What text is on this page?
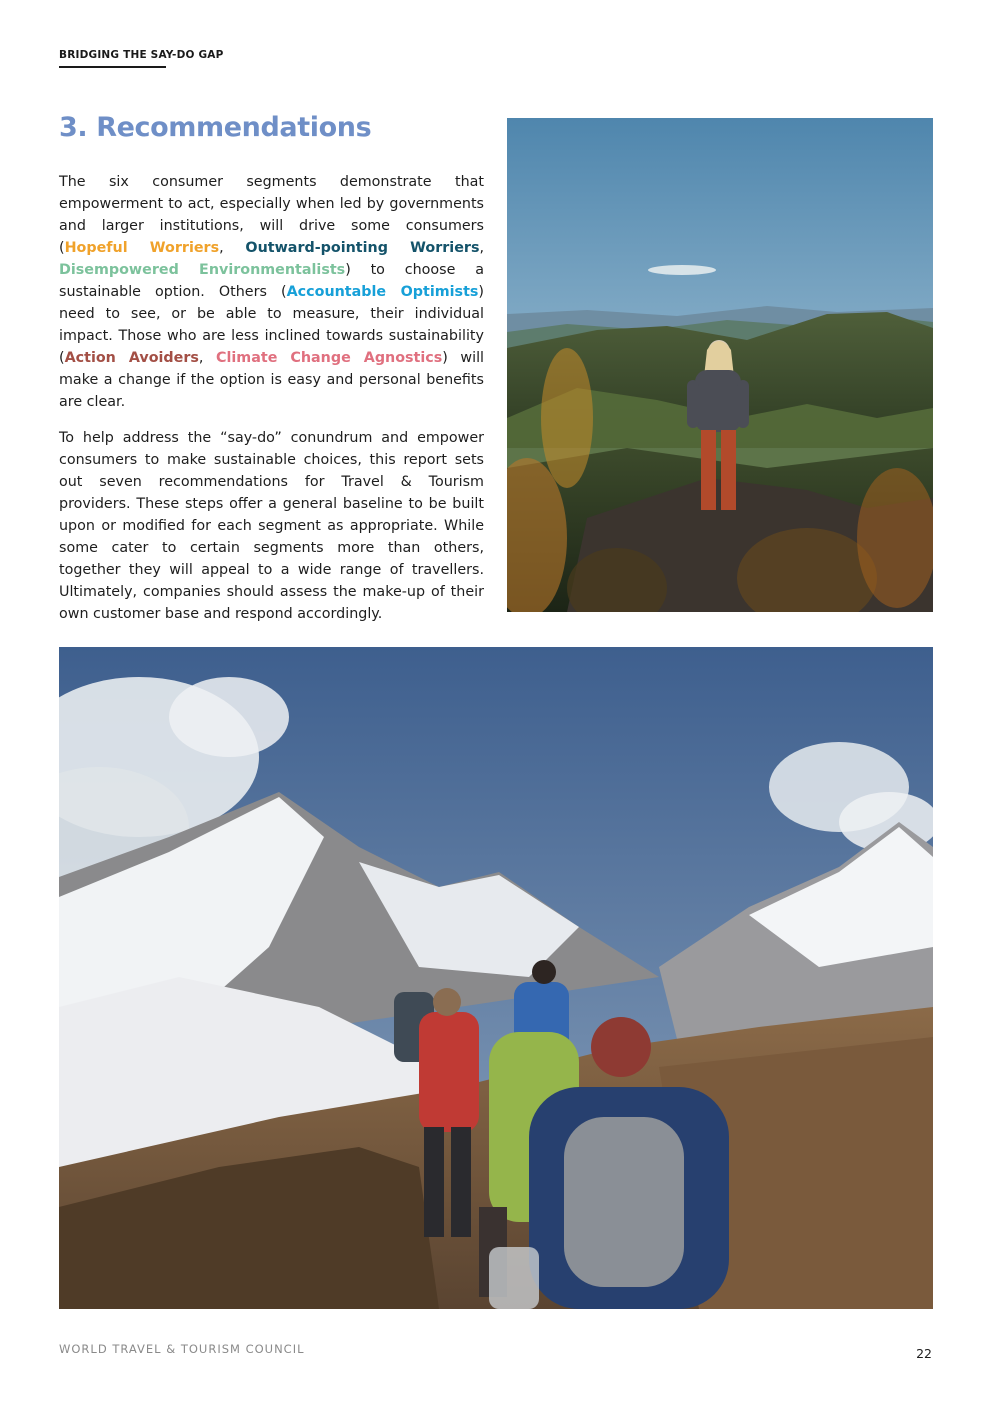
BRIDGING THE SAY-DO GAP
3. Recommendations

The six consumer segments demonstrate that empowerment to act, especially when led by governments and larger institutions, will drive some consumers (Hopeful Worriers, Outward-pointing Worriers, Disempowered Environmentalists) to choose a sustainable option. Others (Accountable Optimists) need to see, or be able to measure, their individual impact. Those who are less inclined towards sustainability (Action Avoiders, Climate Change Agnostics) will make a change if the option is easy and personal benefits are clear.

To help address the “say-do” conundrum and empower consumers to make sustainable choices, this report sets out seven recommendations for Travel & Tourism providers. These steps offer a general baseline to be built upon or modified for each segment as appropriate. While some cater to certain segments more than others, together they will appeal to a wide range of travellers. Ultimately, companies should assess the make-up of their own customer base and respond accordingly.

WORLD TRAVEL & TOURISM COUNCIL	22
